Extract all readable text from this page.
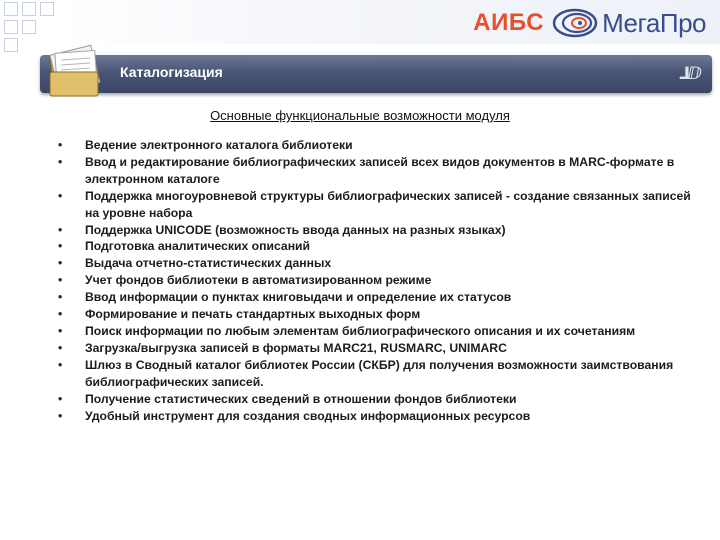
АИБС МегаПро
Каталогизация	⅃ⅅ
Основные функциональные возможности модуля
• Ведение электронного каталога библиотеки
• Ввод и редактирование библиографических записей всех видов документов в MARC-формате в электронном каталоге
• Поддержка многоуровневой структуры библиографических записей - создание связанных записей на уровне набора
• Поддержка UNICODE (возможность ввода данных на разных языках)
• Подготовка аналитических описаний
• Выдача отчетно-статистических данных
• Учет фондов библиотеки в автоматизированном режиме
• Ввод информации о пунктах книговыдачи и определение их статусов
• Формирование и печать стандартных выходных форм
• Поиск информации по любым элементам библиографического описания и их сочетаниям
• Загрузка/выгрузка записей в форматы MARC21, RUSMARC, UNIMARC
• Шлюз в Сводный каталог библиотек России (СКБР) для получения возможности заимствования библиографических записей.
• Получение статистических сведений в отношении фондов библиотеки
• Удобный инструмент для создания сводных информационных ресурсов
